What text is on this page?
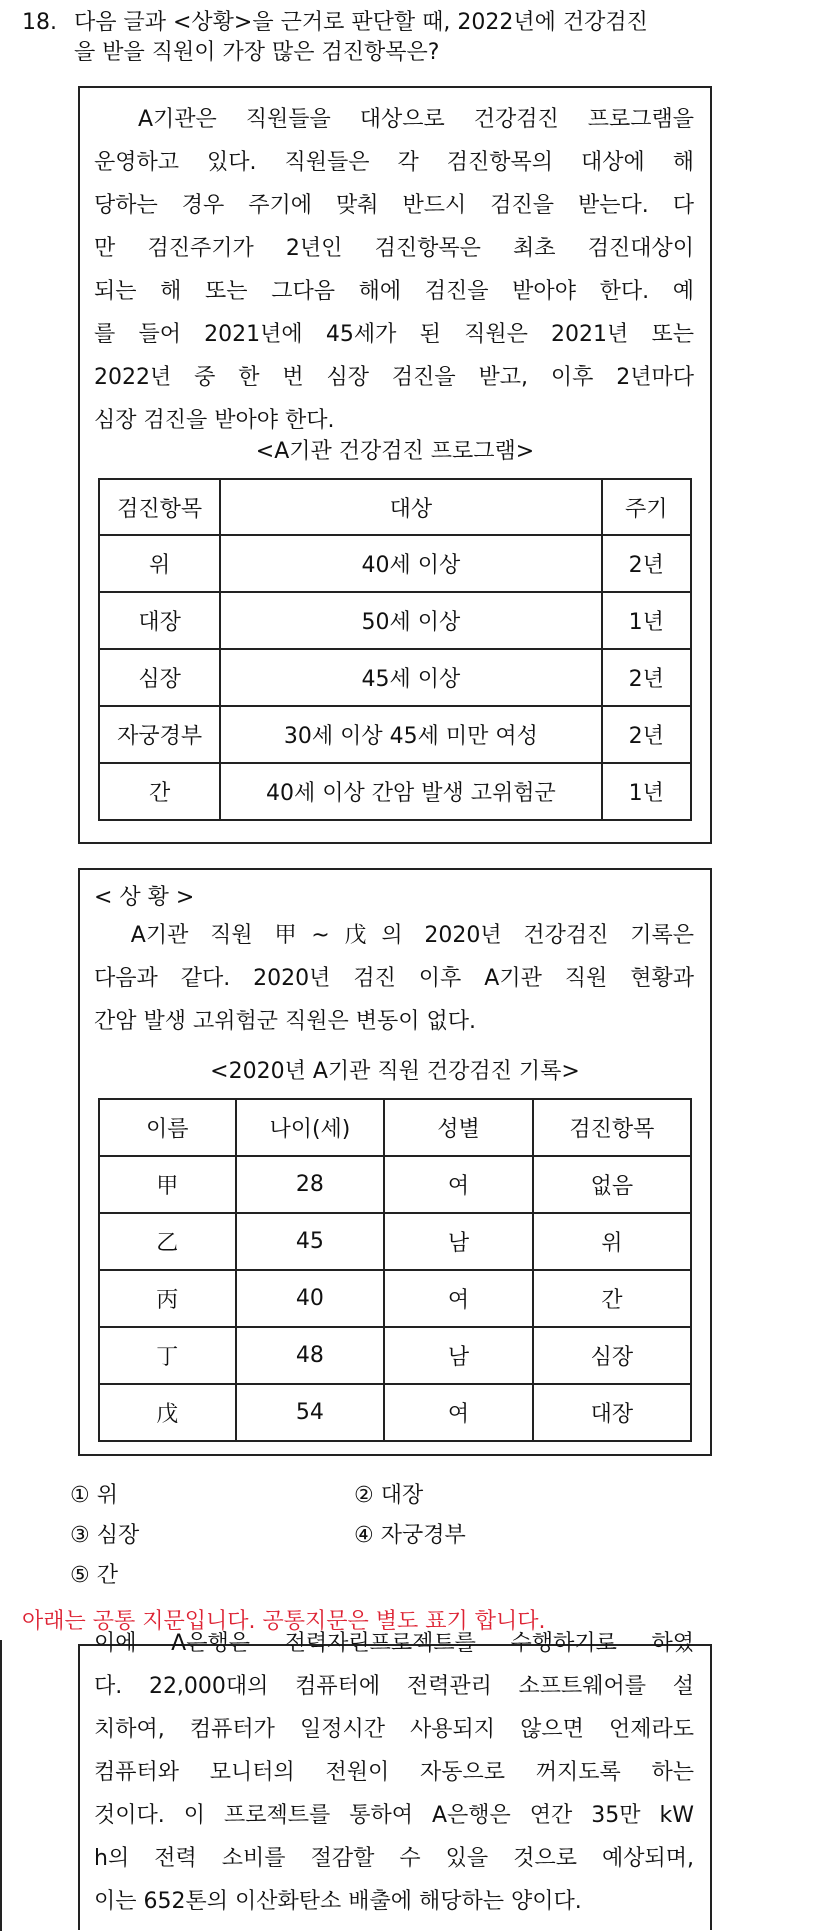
18. 다음 글과 <상황>을 근거로 판단할 때, 2022년에 건강검진
을 받을 직원이 가장 많은 검진항목은?
　A기관은 직원들을 대상으로 건강검진 프로그램을
운영하고 있다. 직원들은 각 검진항목의 대상에 해
당하는 경우 주기에 맞춰 반드시 검진을 받는다. 다
만 검진주기가 2년인 검진항목은 최초 검진대상이
되는 해 또는 그다음 해에 검진을 받아야 한다. 예
를 들어 2021년에 45세가 된 직원은 2021년 또는
2022년 중 한 번 심장 검진을 받고, 이후 2년마다
심장 검진을 받아야 한다.
<A기관 건강검진 프로그램>
검진항목	대상	주기
위	40세 이상	2년
대장	50세 이상	1년
심장	45세 이상	2년
자궁경부	30세 이상 45세 미만 여성	2년
간	40세 이상 간암 발생 고위험군	1년
< 상 황 >
　A기관 직원 甲~戊의 2020년 건강검진 기록은
다음과 같다. 2020년 검진 이후 A기관 직원 현황과
간암 발생 고위험군 직원은 변동이 없다.
<2020년 A기관 직원 건강검진 기록>
이름	나이(세)	성별	검진항목
甲	28	여	없음
乙	45	남	위
丙	40	여	간
丁	48	남	심장
戊	54	여	대장
① 위	② 대장
③ 심장	④ 자궁경부
⑤ 간
아래는 공통 지문입니다. 공통지문은 별도 표기 합니다.
이에 A은행은 전력자린프로젝트를 수행하기로 하였
다. 22,000대의 컴퓨터에 전력관리 소프트웨어를 설
치하여, 컴퓨터가 일정시간 사용되지 않으면 언제라도
컴퓨터와 모니터의 전원이 자동으로 꺼지도록 하는
것이다. 이 프로젝트를 통하여 A은행은 연간 35만 kW
h의 전력 소비를 절감할 수 있을 것으로 예상되며,
이는 652톤의 이산화탄소 배출에 해당하는 양이다.
